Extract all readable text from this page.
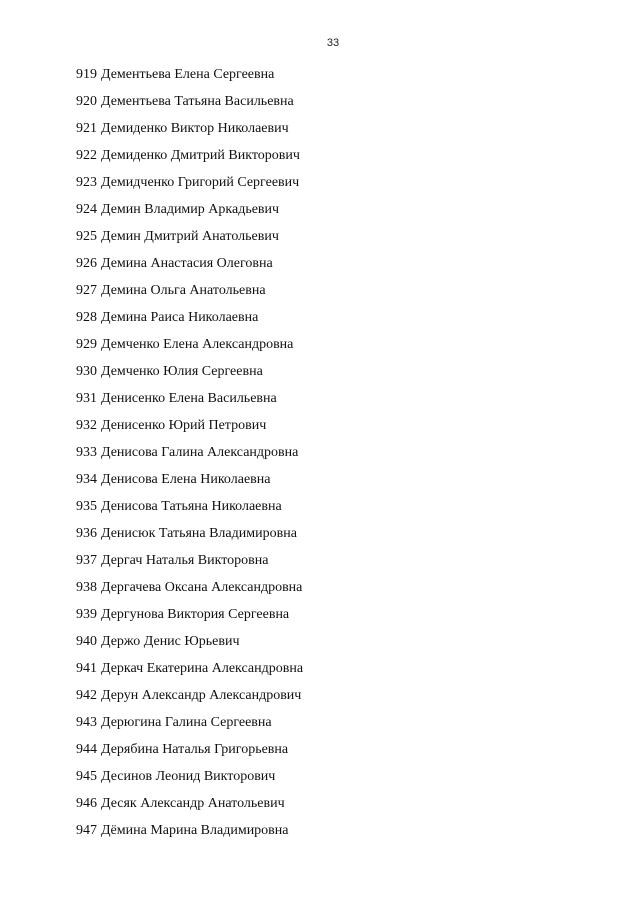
33
919 Дементьева Елена Сергеевна
920 Дементьева Татьяна Васильевна
921 Демиденко Виктор Николаевич
922 Демиденко Дмитрий Викторович
923 Демидченко Григорий Сергеевич
924 Демин Владимир Аркадьевич
925 Демин Дмитрий Анатольевич
926 Демина Анастасия Олеговна
927 Демина Ольга Анатольевна
928 Демина Раиса Николаевна
929 Демченко Елена Александровна
930 Демченко Юлия Сергеевна
931 Денисенко Елена Васильевна
932 Денисенко Юрий Петрович
933 Денисова Галина Александровна
934 Денисова Елена Николаевна
935 Денисова Татьяна Николаевна
936 Денисюк Татьяна Владимировна
937 Дергач Наталья Викторовна
938 Дергачева Оксана Александровна
939 Дергунова Виктория Сергеевна
940 Держо Денис Юрьевич
941 Деркач Екатерина Александровна
942 Дерун Александр Александрович
943 Дерюгина Галина Сергеевна
944 Дерябина Наталья Григорьевна
945 Десинов Леонид Викторович
946 Десяк Александр Анатольевич
947 Дёмина Марина Владимировна
